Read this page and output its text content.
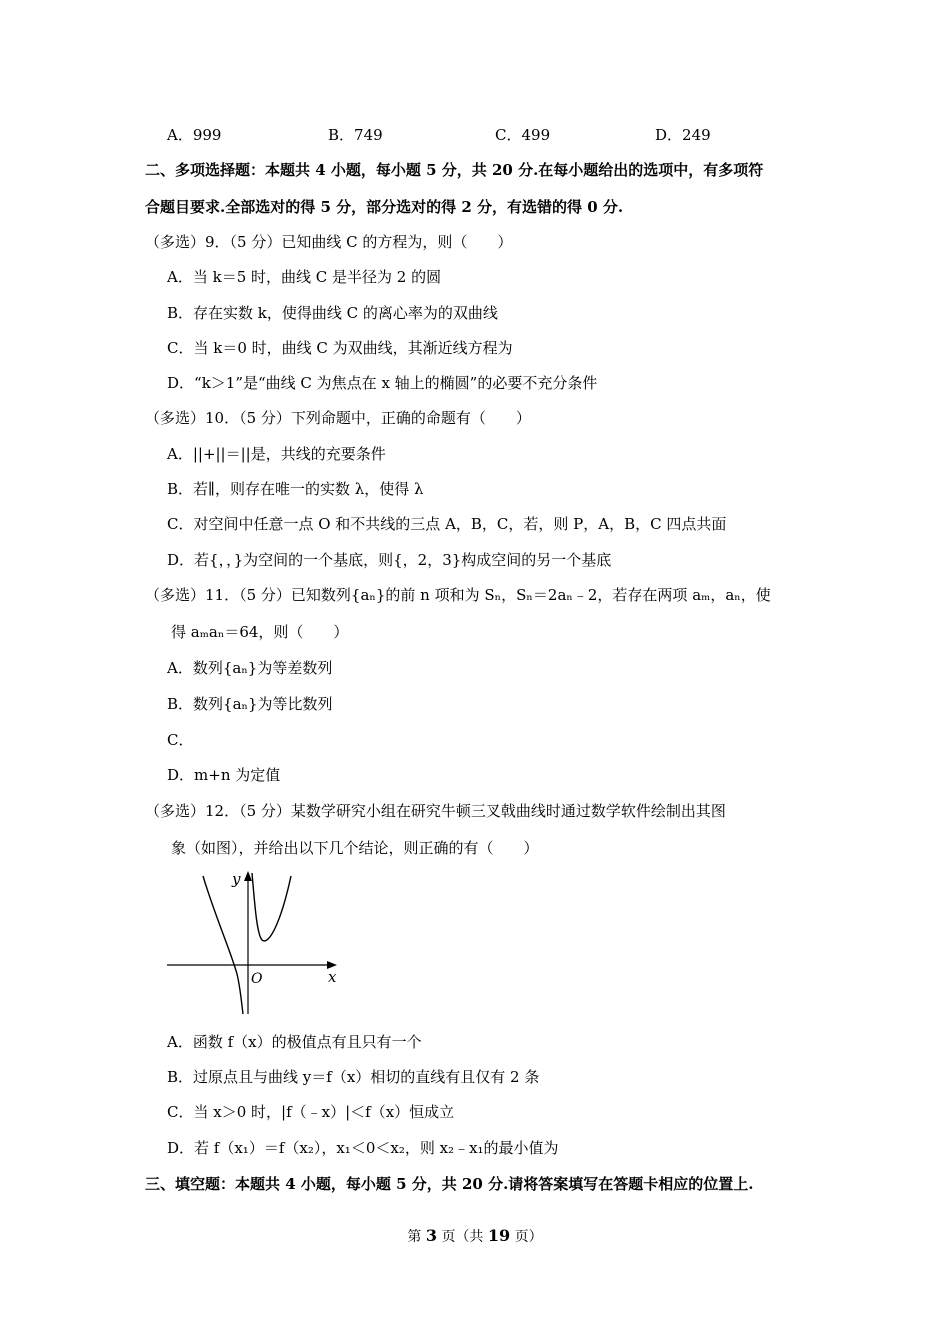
A．999	B．749	C．499	D．249
二、多项选择题：本题共 4 小题，每小题 5 分，共 20 分.在每小题给出的选项中，有多项符
合题目要求.全部选对的得 5 分，部分选对的得 2 分，有选错的得 0 分.
（多选）9．（5 分）已知曲线 C 的方程为，则（　　）
A．当 k＝5 时，曲线 C 是半径为 2 的圆
B．存在实数 k，使得曲线 C 的离心率为的双曲线
C．当 k＝0 时，曲线 C 为双曲线，其渐近线方程为
D．“k＞1”是“曲线 C 为焦点在 x 轴上的椭圆”的必要不充分条件
（多选）10．（5 分）下列命题中，正确的命题有（　　）
A．||+||＝||是，共线的充要条件
B．若∥，则存在唯一的实数 λ，使得 λ
C．对空间中任意一点 O 和不共线的三点 A，B，C，若，则 P，A，B，C 四点共面
D．若{，，}为空间的一个基底，则{，2，3}构成空间的另一个基底
（多选）11．（5 分）已知数列{aₙ}的前 n 项和为 Sₙ，Sₙ＝2aₙ﹣2，若存在两项 aₘ，aₙ，使
得 aₘaₙ＝64，则（　　）
A．数列{aₙ}为等差数列
B．数列{aₙ}为等比数列
C．
D．m+n 为定值
（多选）12．（5 分）某数学研究小组在研究牛顿三叉戟曲线时通过数学软件绘制出其图
象（如图），并给出以下几个结论，则正确的有（　　）
y
x
O
A．函数 f（x）的极值点有且只有一个
B．过原点且与曲线 y＝f（x）相切的直线有且仅有 2 条
C．当 x＞0 时，|f（﹣x）|＜f（x）恒成立
D．若 f（x₁）＝f（x₂），x₁＜0＜x₂，则 x₂﹣x₁的最小值为
三、填空题：本题共 4 小题，每小题 5 分，共 20 分.请将答案填写在答题卡相应的位置上.
第 3 页（共 19 页）
